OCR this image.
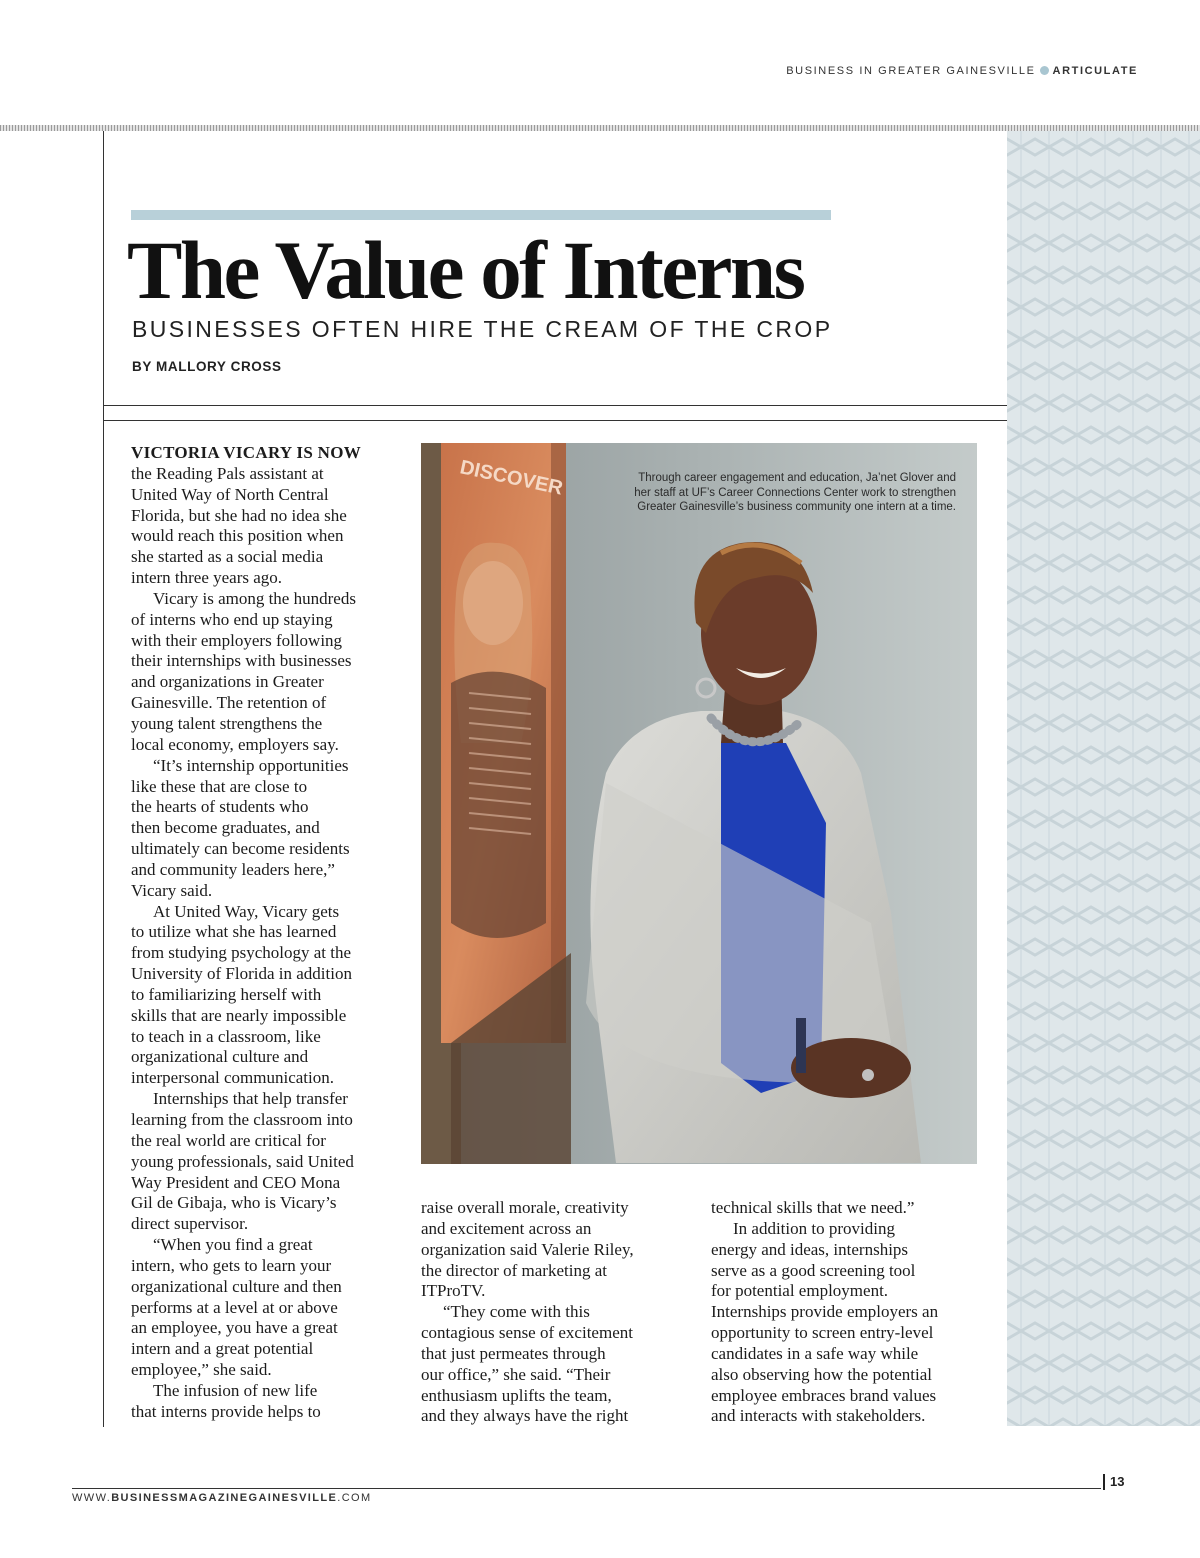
BUSINESS IN GREATER GAINESVILLE ARTICULATE
The Value of Interns
BUSINESSES OFTEN HIRE THE CREAM OF THE CROP
BY MALLORY CROSS

VICTORIA VICARY IS NOW

the Reading Pals assistant at

United Way of North Central

Florida, but she had no idea she

would reach this position when

she started as a social media

intern three years ago.

Vicary is among the hundreds

of interns who end up staying

with their employers following

their internships with businesses

and organizations in Greater

Gainesville. The retention of

young talent strengthens the

local economy, employers say.

“It’s internship opportunities

like these that are close to

the hearts of students who

then become graduates, and

ultimately can become residents

and community leaders here,”

Vicary said.

At United Way, Vicary gets

to utilize what she has learned

from studying psychology at the

University of Florida in addition

to familiarizing herself with

skills that are nearly impossible

to teach in a classroom, like

organizational culture and

interpersonal communication.

Internships that help transfer

learning from the classroom into

the real world are critical for

young professionals, said United

Way President and CEO Mona

Gil de Gibaja, who is Vicary’s

direct supervisor.

“When you find a great

intern, who gets to learn your

organizational culture and then

performs at a level at or above

an employee, you have a great

intern and a great potential

employee,” she said.

The infusion of new life

that interns provide helps to

raise overall morale, creativity

and excitement across an

organization said Valerie Riley,

the director of marketing at

ITProTV.

“They come with this

contagious sense of excitement

that just permeates through

our office,” she said. “Their

enthusiasm uplifts the team,

and they always have the right

technical skills that we need.”

In addition to providing

energy and ideas, internships

serve as a good screening tool

for potential employment.

Internships provide employers an

opportunity to screen entry-level

candidates in a safe way while

also observing how the potential

employee embraces brand values

and interacts with stakeholders.

DISCOVER	Through career engagement and education, Ja’net Glover and
her staff at UF’s Career Connections Center work to strengthen
Greater Gainesville’s business community one intern at a time.
13
WWW.BUSINESSMAGAZINEGAINESVILLE.COM
